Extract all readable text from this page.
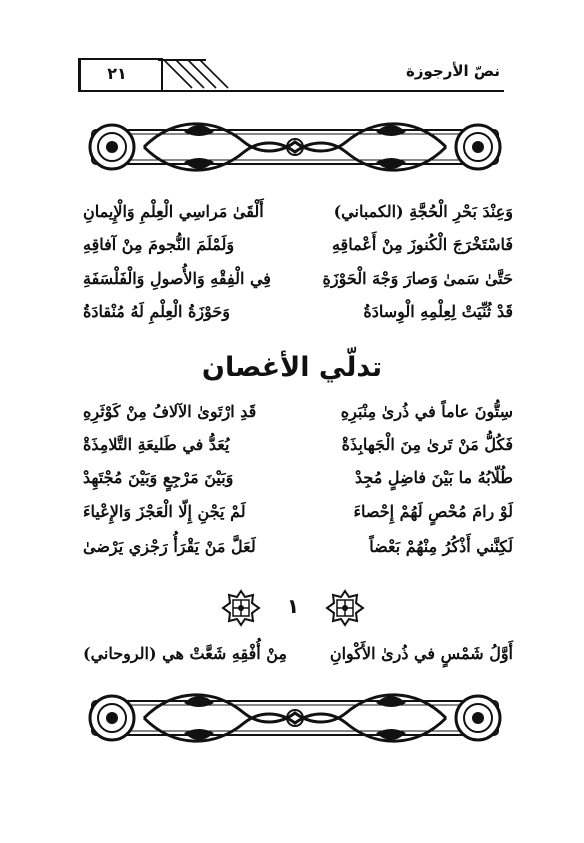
٢١	نصّ الأرجوزة
وَعِنْدَ بَحْرِ الْحُجَّةِ (الكمباني)
أَلْقَىٰ مَراسِي الْعِلْمِ وَالْإِيمانِ
فَاسْتَخْرَجَ الْكُنوزَ مِنْ أَعْماقِهِ
وَلَمْلَمَ النُّجومَ مِنْ آفاقِهِ
حَتَّىٰ سَمىٰ وَصارَ وَجْهَ الْحَوْزَةِ
فِي الْفِقْهِ وَالأُصولِ وَالْفَلْسَفَةِ
قَدْ ثُنِّيَتْ لِعِلْمِهِ الْوِسادَةُ
وَحَوْزَةُ الْعِلْمِ لَهُ مُنْقادَةُ
تدلّي الأغصان
سِتُّونَ عاماً في ذُرىٰ مِنْبَرِهِ
قَدِ ارْتَوىٰ الآلافُ مِنْ كَوْثَرِهِ
فَكُلُّ مَنْ تَرىٰ مِنَ الْجَهابِذَةْ
يُعَدُّ في طَليعَةِ التَّلامِذَةْ
طُلّابُهُ ما بَيْنَ فاضِلٍ مُجِدْ
وَبَيْنَ مَرْجِعٍ وَبَيْنَ مُجْتَهِدْ
لَوْ رامَ مُحْصٍ لَهُمْ إِحْصاءَ
لَمْ يَجْنِ إِلّا الْعَجْزَ وَالإِعْياءَ
لَكِنَّني أَذْكُرُ مِنْهُمْ بَعْضاً
لَعَلَّ مَنْ يَقْرَأُ رَجْزي يَرْضىٰ
١
أَوَّلُ شَمْسٍ في ذُرىٰ الأَكْوانِ
مِنْ أُفْقِهِ شَعَّتْ هي (الروحاني)
